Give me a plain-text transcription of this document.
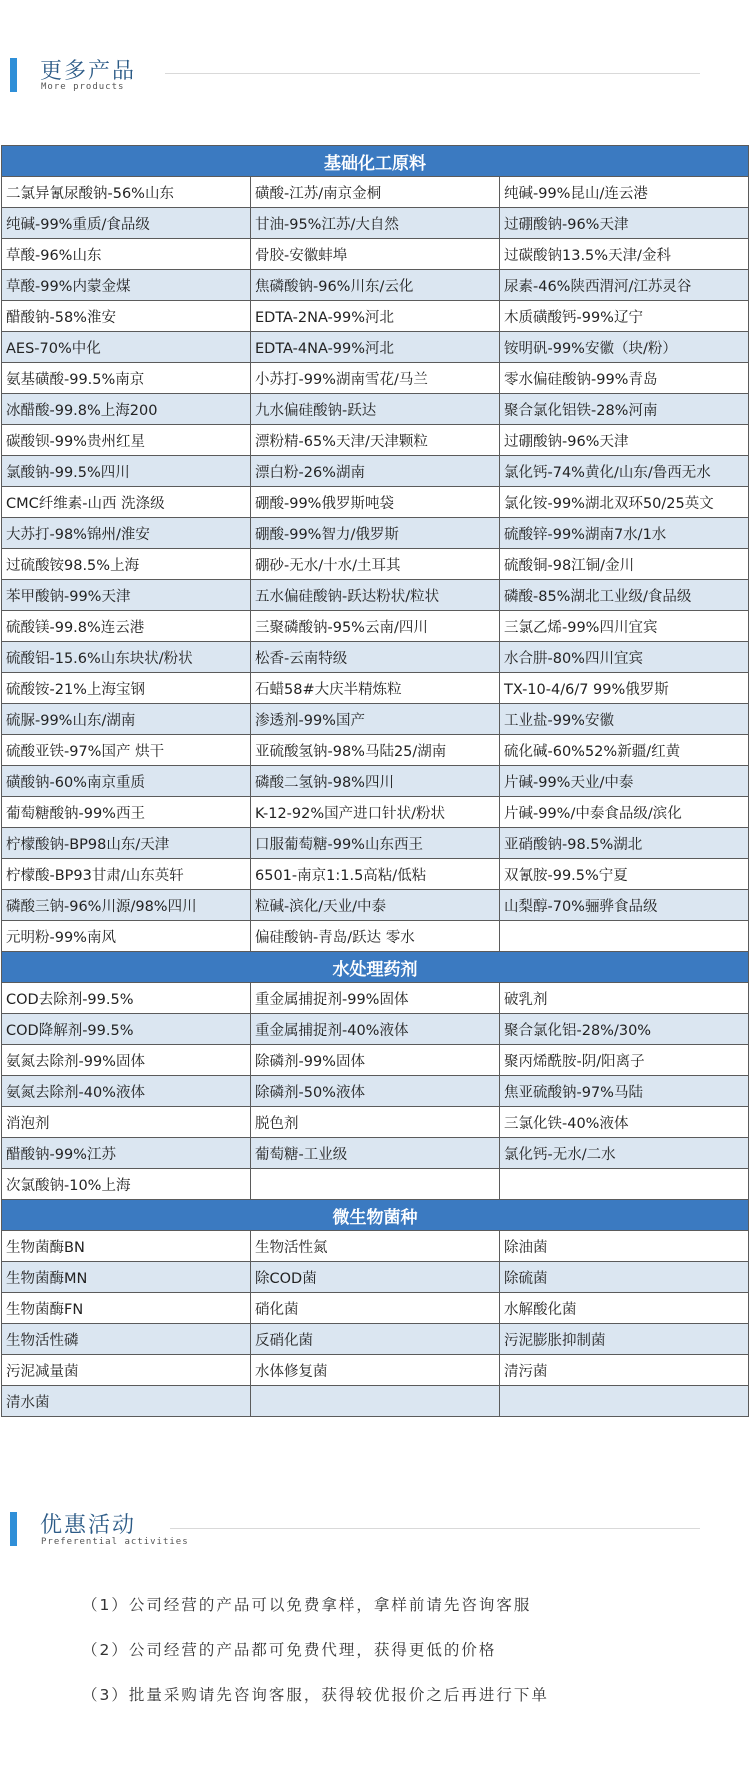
更多产品
More products
基础化工原料		
二氯异氰尿酸钠-56%山东	磺酸-江苏/南京金桐	纯碱-99%昆山/连云港
纯碱-99%重质/食品级	甘油-95%江苏/大自然	过硼酸钠-96%天津
草酸-96%山东	骨胶-安徽蚌埠	过碳酸钠13.5%天津/金科
草酸-99%内蒙金煤	焦磷酸钠-96%川东/云化	尿素-46%陕西渭河/江苏灵谷
醋酸钠-58%淮安	EDTA-2NA-99%河北	木质磺酸钙-99%辽宁
AES-70%中化	EDTA-4NA-99%河北	铵明矾-99%安徽（块/粉）
氨基磺酸-99.5%南京	小苏打-99%湖南雪花/马兰	零水偏硅酸钠-99%青岛
冰醋酸-99.8%上海200	九水偏硅酸钠-跃达	聚合氯化铝铁-28%河南
碳酸钡-99%贵州红星	漂粉精-65%天津/天津颗粒	过硼酸钠-96%天津
氯酸钠-99.5%四川	漂白粉-26%湖南	氯化钙-74%黄化/山东/鲁西无水
CMC纤维素-山西 洗涤级	硼酸-99%俄罗斯吨袋	氯化铵-99%湖北双环50/25英文
大苏打-98%锦州/淮安	硼酸-99%智力/俄罗斯	硫酸锌-99%湖南7水/1水
过硫酸铵98.5%上海	硼砂-无水/十水/土耳其	硫酸铜-98江铜/金川
苯甲酸钠-99%天津	五水偏硅酸钠-跃达粉状/粒状	磷酸-85%湖北工业级/食品级
硫酸镁-99.8%连云港	三聚磷酸钠-95%云南/四川	三氯乙烯-99%四川宜宾
硫酸铝-15.6%山东块状/粉状	松香-云南特级	水合肼-80%四川宜宾
硫酸铵-21%上海宝钢	石蜡58#大庆半精炼粒	TX-10-4/6/7 99%俄罗斯
硫脲-99%山东/湖南	渗透剂-99%国产	工业盐-99%安徽
硫酸亚铁-97%国产 烘干	亚硫酸氢钠-98%马陆25/湖南	硫化碱-60%52%新疆/红黄
磺酸钠-60%南京重质	磷酸二氢钠-98%四川	片碱-99%天业/中泰
葡萄糖酸钠-99%西王	K-12-92%国产进口针状/粉状	片碱-99%/中泰食品级/滨化
柠檬酸钠-BP98山东/天津	口服葡萄糖-99%山东西王	亚硝酸钠-98.5%湖北
柠檬酸-BP93甘肃/山东英轩	6501-南京1:1.5高粘/低粘	双氰胺-99.5%宁夏
磷酸三钠-96%川源/98%四川	粒碱-滨化/天业/中泰	山梨醇-70%骊骅食品级
元明粉-99%南风	偏硅酸钠-青岛/跃达 零水	
水处理药剂		
COD去除剂-99.5%	重金属捕捉剂-99%固体	破乳剂
COD降解剂-99.5%	重金属捕捉剂-40%液体	聚合氯化铝-28%/30%
氨氮去除剂-99%固体	除磷剂-99%固体	聚丙烯酰胺-阴/阳离子
氨氮去除剂-40%液体	除磷剂-50%液体	焦亚硫酸钠-97%马陆
消泡剂	脱色剂	三氯化铁-40%液体
醋酸钠-99%江苏	葡萄糖-工业级	氯化钙-无水/二水
次氯酸钠-10%上海		
微生物菌种		
生物菌酶BN	生物活性氮	除油菌
生物菌酶MN	除COD菌	除硫菌
生物菌酶FN	硝化菌	水解酸化菌
生物活性磷	反硝化菌	污泥膨胀抑制菌
污泥减量菌	水体修复菌	清污菌
清水菌		
优惠活动
Preferential activities
（1）公司经营的产品可以免费拿样，拿样前请先咨询客服
（2）公司经营的产品都可免费代理，获得更低的价格
（3）批量采购请先咨询客服，获得较优报价之后再进行下单
